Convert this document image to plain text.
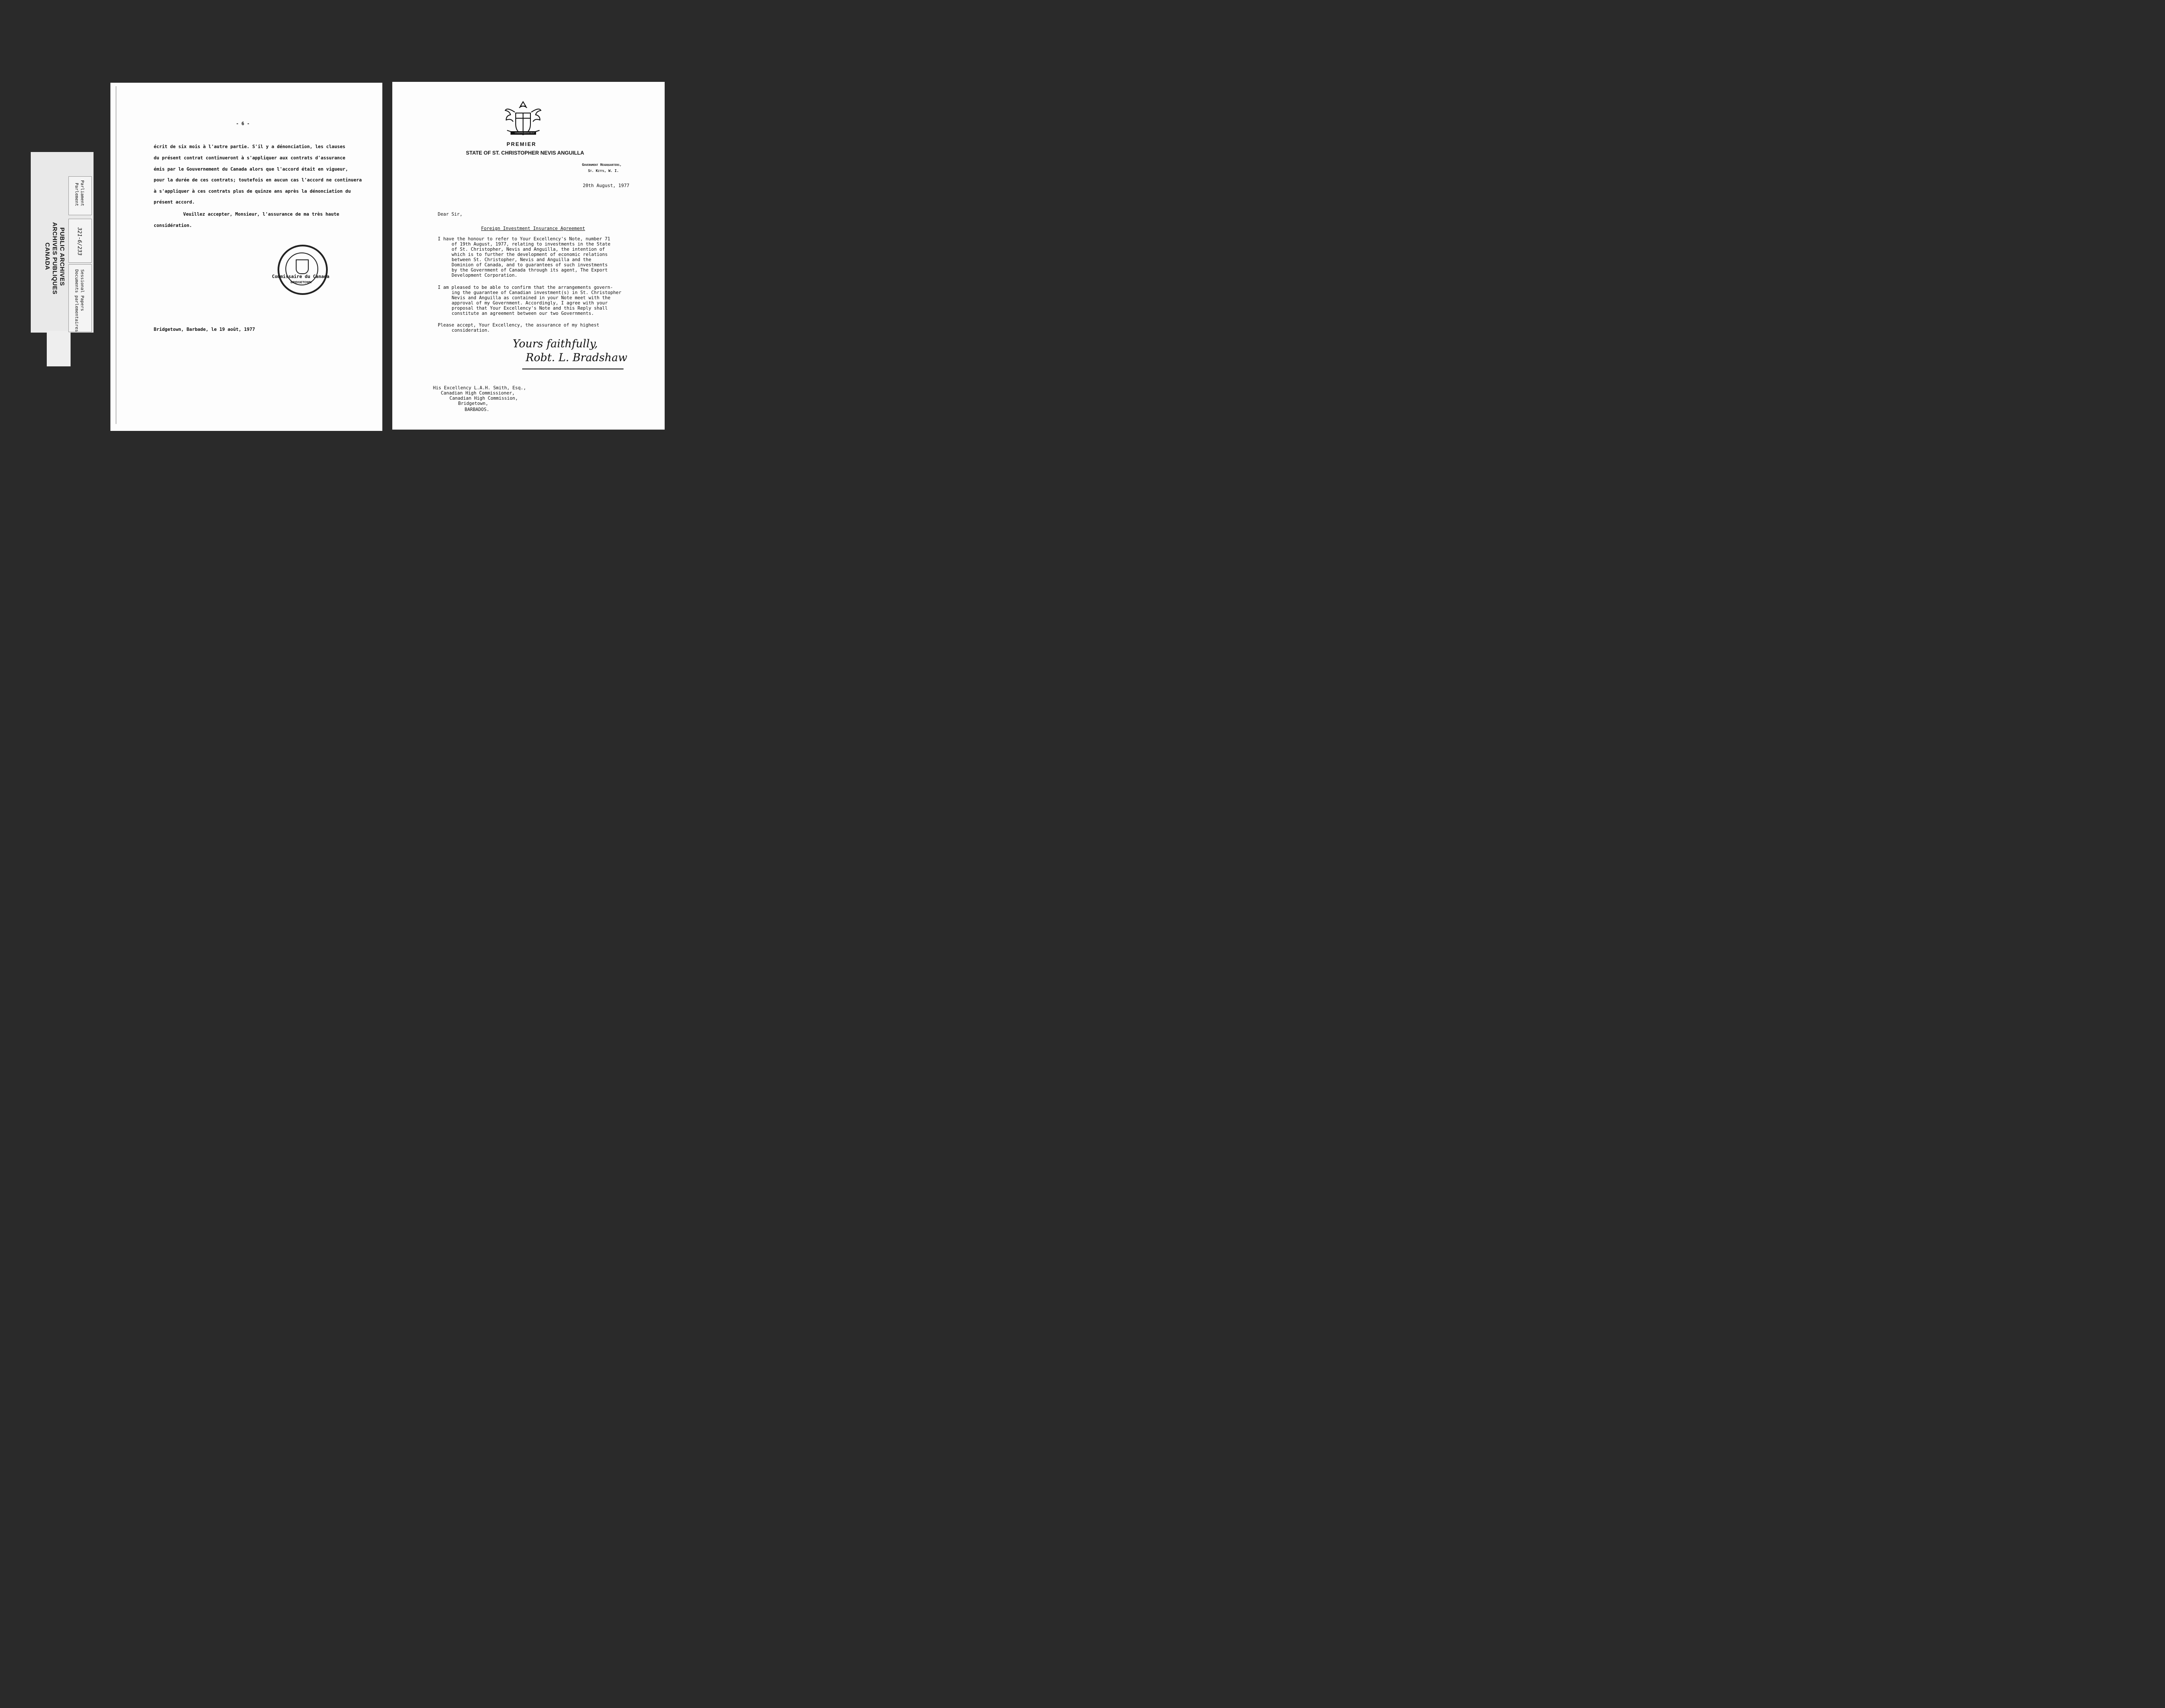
PUBLIC ARCHIVES
ARCHIVES PUBLIQUES
CANADA
Parliament
Parlement
321-6/233
Sessional Papers
Documents parlementaires
- 6 -
écrit de six mois à l'autre partie. S'il y a dénonciation, les clauses
du présent contrat continueront à s'appliquer aux contrats d'assurance
émis par le Gouvernement du Canada alors que l'accord était en vigueur,
pour la durée de ces contrats; toutefois en aucun cas l'accord ne continuera
à s'appliquer à ces contrats plus de quinze ans après la dénonciation du
présent accord.
Veuillez accepter, Monsieur, l'assurance de ma très haute
considération.
BRIDGETOWN
Commissaire du Canada
Bridgetown, Barbade, le 19 août, 1977
COUNTRY ABOVE SELF
PREMIER
STATE OF ST. CHRISTOPHER NEVIS ANGUILLA
Government Headquarters,
St. Kitts, W. I.
20th August, 1977
Dear Sir,
Foreign Investment Insurance Agreement
I have the honour to refer to Your Excellency's Note, number 71
of 19th August, 1977, relating to investments in the State
of St. Christopher, Nevis and Anguilla, the intention of
which is to further the development of economic relations
between St. Christopher, Nevis and Anguilla and the
Dominion of Canada, and to guarantees of such investments
by the Government of Canada through its agent, The Export
Development Corporation.
I am pleased to be able to confirm that the arrangements govern-
ing the guarantee of Canadian investment(s) in St. Christopher
Nevis and Anguilla as contained in your Note meet with the
approval of my Government. Accordingly, I agree with your
proposal that Your Excellency's Note and this Reply shall
constitute an agreement between our two Governments.
Please accept, Your Excellency, the assurance of my highest
consideration.
Yours faithfully,
Robt. L. Bradshaw
His Excellency L.A.H. Smith, Esq.,
Canadian High Commissioner,
Canadian High Commission,
Bridgetown,
BARBADOS.
